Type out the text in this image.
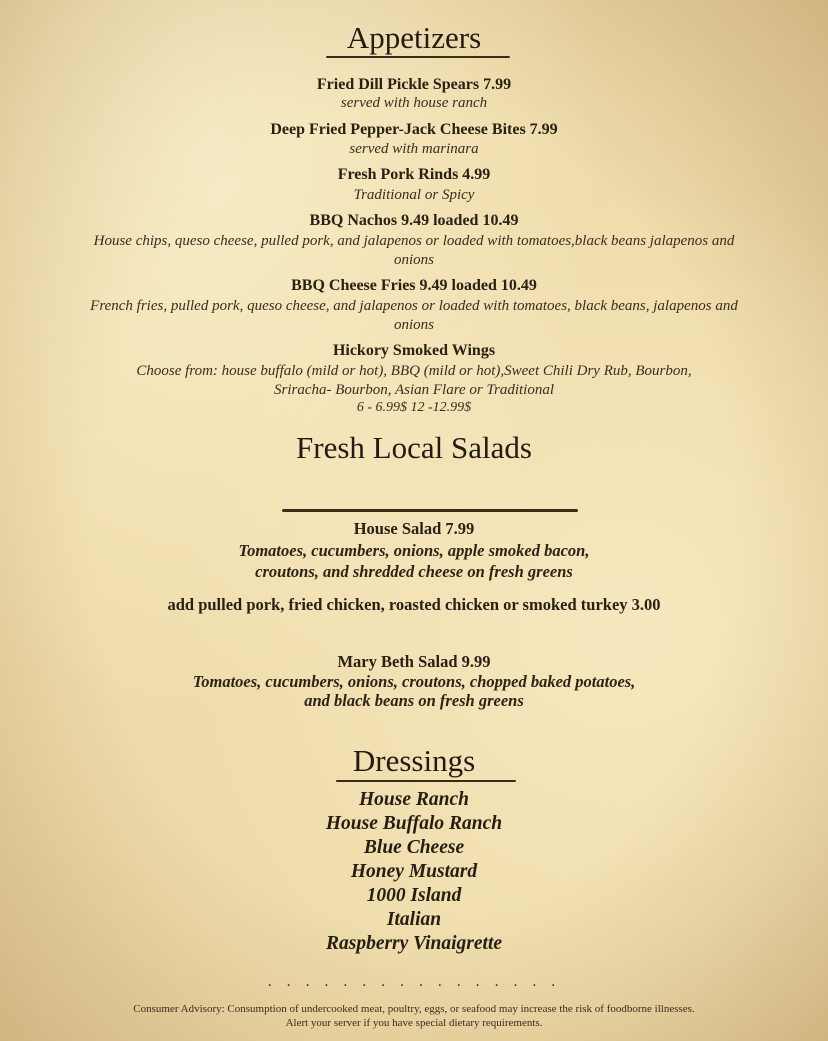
Appetizers
Fried Dill Pickle Spears 7.99
served with house ranch
Deep Fried Pepper-Jack Cheese Bites 7.99
served with marinara
Fresh Pork Rinds 4.99
Traditional or Spicy
BBQ Nachos 9.49 loaded 10.49
House chips, queso cheese, pulled pork, and jalapenos or loaded with tomatoes,black beans jalapenos and
onions
BBQ Cheese Fries 9.49 loaded 10.49
French fries, pulled pork, queso cheese, and jalapenos or loaded with tomatoes, black beans, jalapenos and
onions
Hickory Smoked Wings
Choose from: house buffalo (mild or hot), BBQ (mild or hot),Sweet Chili Dry Rub, Bourbon,
Sriracha- Bourbon, Asian Flare or Traditional
6 - 6.99$ 12 -12.99$
Fresh Local Salads
House Salad 7.99
Tomatoes, cucumbers, onions, apple smoked bacon,
croutons, and shredded cheese on fresh greens
add pulled pork, fried chicken, roasted chicken or smoked turkey 3.00
Mary Beth Salad 9.99
Tomatoes, cucumbers, onions, croutons, chopped baked potatoes,
and black beans on fresh greens
Dressings
House Ranch
House Buffalo Ranch
Blue Cheese
Honey Mustard
1000 Island
Italian
Raspberry Vinaigrette
. . . . . . . . . . . . . . . .
Consumer Advisory: Consumption of undercooked meat, poultry, eggs, or seafood may increase the risk of foodborne illnesses.
Alert your server if you have special dietary requirements.
